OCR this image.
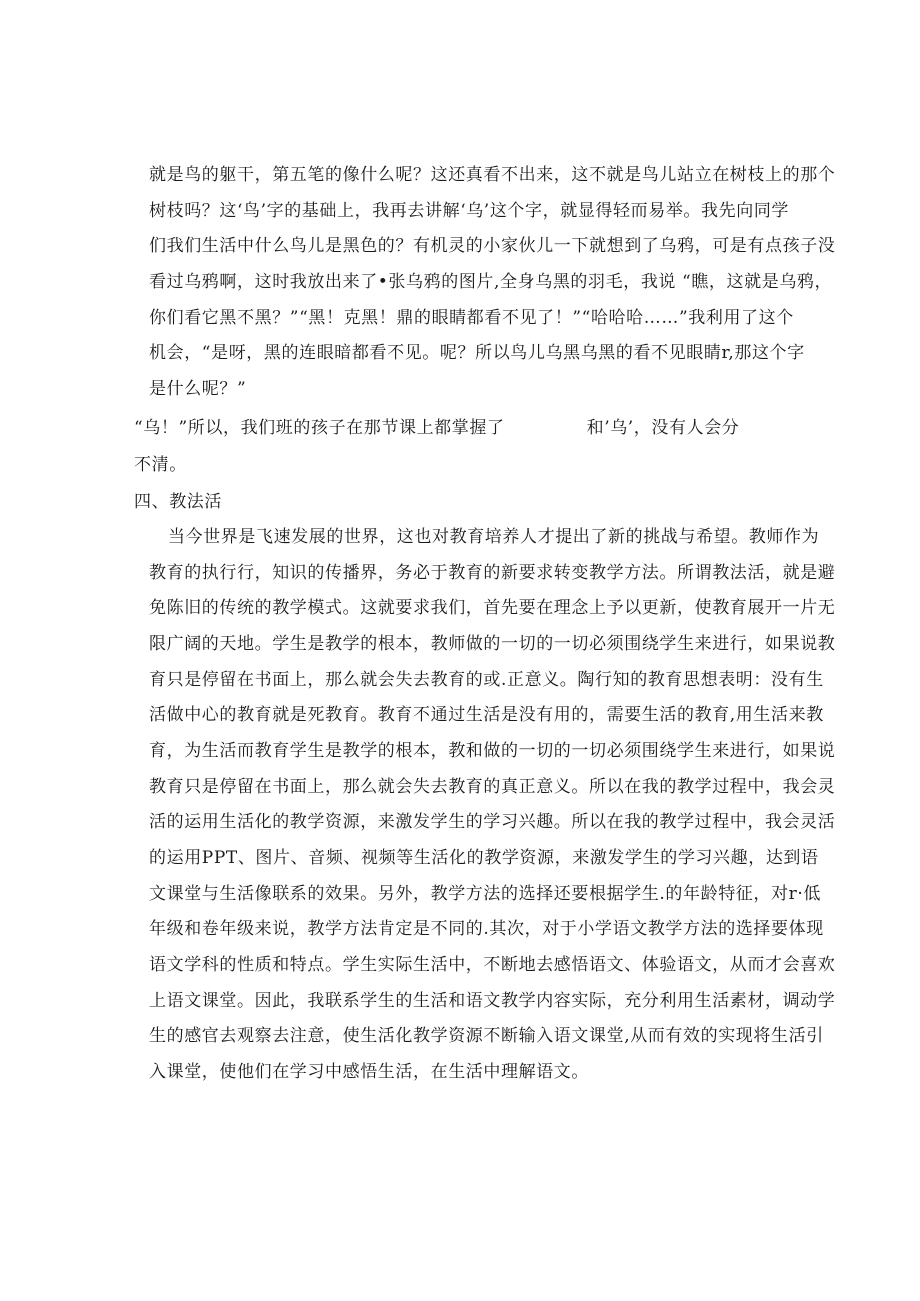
就是鸟的躯干，第五笔的像什么呢？这还真看不出来，这不就是鸟儿站立在树枝上的那个
树枝吗？这‘鸟’字的基础上，我再去讲解‘乌’这个字，就显得轻而易举。我先向同学
们我们生活中什么鸟儿是黑色的？有机灵的小家伙儿一下就想到了乌鸦，可是有点孩子没
看过乌鸦啊，这时我放出来了•张乌鸦的图片,全身乌黑的羽毛，我说 “瞧，这就是乌鸦，
你们看它黑不黑？”“黑！克黑！鼎的眼睛都看不见了！”“哈哈哈……”我利用了这个
机会，“是呀，黑的连眼暗都看不见。呢？所以鸟儿乌黑乌黑的看不见眼睛r,那这个字
是什么呢？”
“乌！”所以，我们班的孩子在那节课上都掌握了	和’乌’，没有人会分
不清。
四、教法活
当今世界是飞速发展的世界，这也对教育培养人才提出了新的挑战与希望。教师作为
教育的执行行，知识的传播界，务必于教育的新要求转变教学方法。所谓教法活，就是避
免陈旧的传统的教学模式。这就要求我们，首先要在理念上予以更新，使教育展开一片无
限广阔的天地。学生是教学的根本，教师做的一切的一切必须围绕学生来进行，如果说教
育只是停留在书面上，那么就会失去教育的或.正意义。陶行知的教育思想表明：没有生
活做中心的教育就是死教育。教育不通过生活是没有用的，需要生活的教育,用生活来教
育，为生活而教育学生是教学的根本，教和做的一切的一切必须围绕学生来进行，如果说
教育只是停留在书面上，那么就会失去教育的真正意义。所以在我的教学过程中，我会灵
活的运用生活化的教学资源，来激发学生的学习兴趣。所以在我的教学过程中，我会灵活
的运用PPT、图片、音频、视频等生活化的教学资源，来激发学生的学习兴趣，达到语
文课堂与生活像联系的效果。另外，教学方法的选择还要根据学生.的年龄特征，对r·低
年级和卷年级来说，教学方法肯定是不同的.其次，对于小学语文教学方法的选择要体现
语文学科的性质和特点。学生实际生活中，不断地去感悟语文、体验语文，从而才会喜欢
上语文课堂。因此，我联系学生的生活和语文教学内容实际，充分利用生活素材，调动学
生的感官去观察去注意，使生活化教学资源不断输入语文课堂,从而有效的实现将生活引
入课堂，使他们在学习中感悟生活，在生活中理解语文。
